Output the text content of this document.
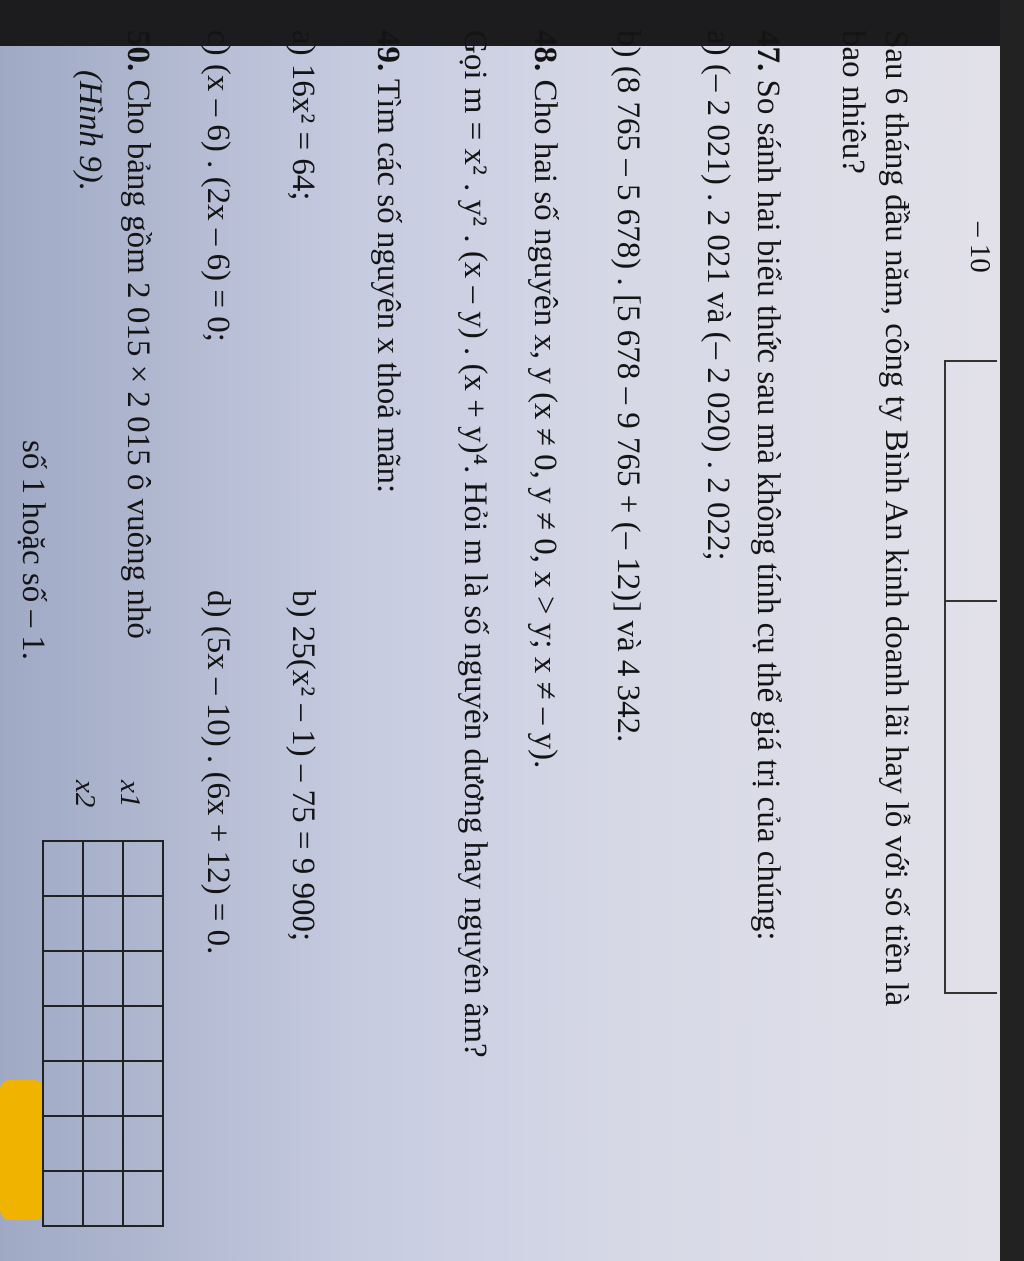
– 10
Sau 6 tháng đầu năm, công ty Bình An kinh doanh lãi hay lỗ với số tiền là
bao nhiêu?
47. So sánh hai biểu thức sau mà không tính cụ thể giá trị của chúng:
a) (– 2 021) . 2 021 và (– 2 020) . 2 022;
b) (8 765 – 5 678) . [5 678 – 9 765 + (– 12)] và 4 342.
48. Cho hai số nguyên x, y (x ≠ 0, y ≠ 0, x > y; x ≠ – y).
Gọi m = x² . y² . (x – y) . (x + y)⁴. Hỏi m là số nguyên dương hay nguyên âm?
49. Tìm các số nguyên x thoả mãn:
a) 16x² = 64;
b) 25(x² – 1) – 75 = 9 900;
c) (x – 6) . (2x – 6) = 0;
d) (5x – 10) . (6x + 12) = 0.
50. Cho bảng gồm 2 015 × 2 015 ô vuông nhỏ
(Hình 9).
số 1 hoặc số – 1.
x1
x2
